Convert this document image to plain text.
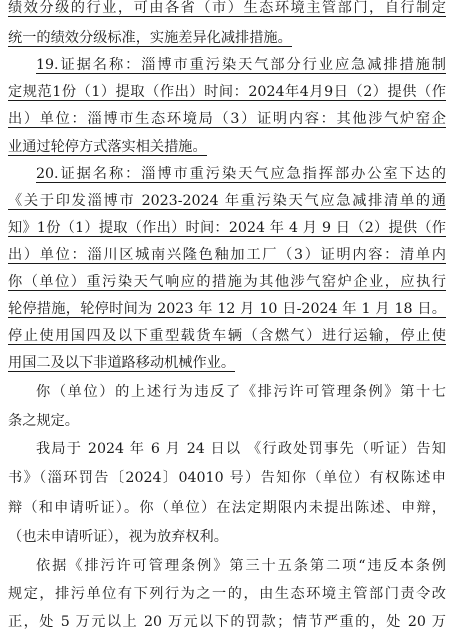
绩效分级的行业，可由各省（市）生态环境主管部门，自行制定
统一的绩效分级标准，实施差异化减排措施。
19.证据名称：淄博市重污染天气部分行业应急减排措施制
定规范1份（1）提取（作出）时间：2024年4月9日（2）提供（作
出）单位：淄博市生态环境局（3）证明内容：其他涉气炉窑企
业通过轮停方式落实相关措施。
20.证据名称：淄博市重污染天气应急指挥部办公室下达的
《关于印发淄博市 2023-2024 年重污染天气应急减排清单的通
知》1份（1）提取（作出）时间：2024 年 4 月 9 日（2）提供（作
出）单位：淄川区城南兴隆色釉加工厂（3）证明内容：清单内
你（单位）重污染天气响应的措施为其他涉气窑炉企业，应执行
轮停措施，轮停时间为 2023 年 12 月 10 日-2024 年 1 月 18 日。
停止使用国四及以下重型载货车辆（含燃气）进行运输，停止使
用国二及以下非道路移动机械作业。
你（单位）的上述行为违反了《排污许可管理条例》第十七
条之规定。
我局于 2024 年 6 月 24 日以 《行政处罚事先（听证）告知
书》（淄环罚告〔2024〕04010 号）告知你（单位）有权陈述申
辩（和申请听证）。你（单位）在法定期限内未提出陈述、申辩，
（也未申请听证），视为放弃权利。
依据《排污许可管理条例》第三十五条第二项“违反本条例
规定，排污单位有下列行为之一的，由生态环境主管部门责令改
正，处 5 万元以上 20 万元以下的罚款；情节严重的，处 20 万
